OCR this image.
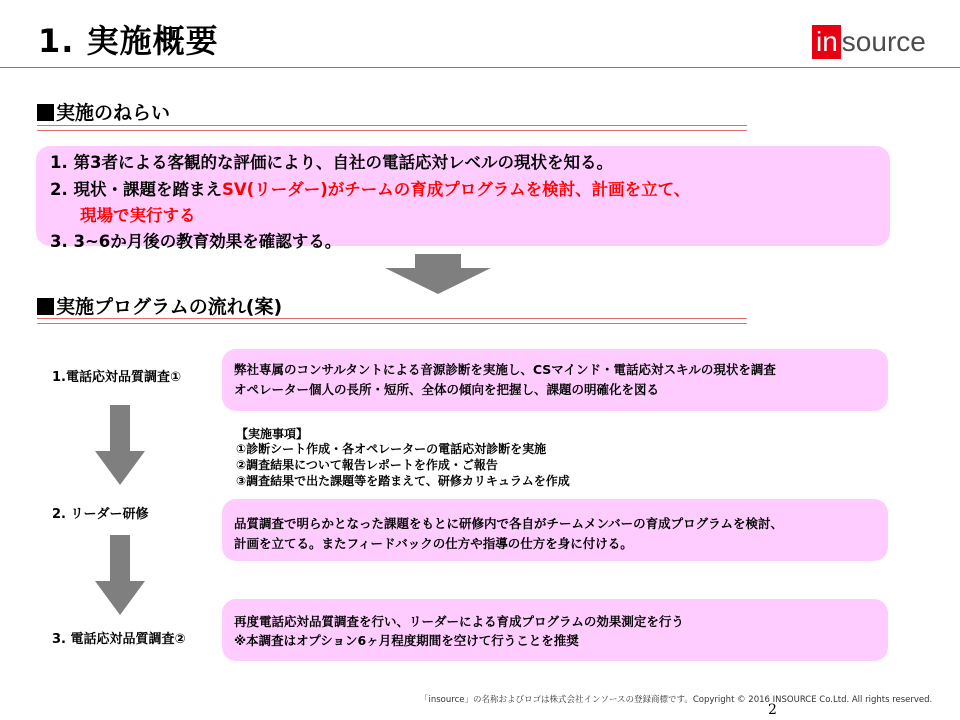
1. 実施概要	in source
実施のねらい
1. 第3者による客観的な評価により、自社の電話応対レベルの現状を知る。
2. 現状・課題を踏まえSV(リーダー)がチームの育成プログラムを検討、計画を立て、
現場で実行する
3. 3~6か月後の教育効果を確認する。
実施プログラムの流れ(案)
1.電話応対品質調査①
弊社専属のコンサルタントによる音源診断を実施し、CSマインド・電話応対スキルの現状を調査
オペレーター個人の長所・短所、全体の傾向を把握し、課題の明確化を図る
【実施事項】
①診断シート作成・各オペレーターの電話応対診断を実施
②調査結果について報告レポートを作成・ご報告
③調査結果で出た課題等を踏まえて、研修カリキュラムを作成
2. リーダー研修
品質調査で明らかとなった課題をもとに研修内で各自がチームメンバーの育成プログラムを検討、
計画を立てる。またフィードバックの仕方や指導の仕方を身に付ける。
3. 電話応対品質調査②
再度電話応対品質調査を行い、リーダーによる育成プログラムの効果測定を行う
※本調査はオプション6ヶ月程度期間を空けて行うことを推奨
「insource」の名称およびロゴは株式会社インソースの登録商標です。Copyright © 2016 INSOURCE Co.Ltd. All rights reserved.
2
